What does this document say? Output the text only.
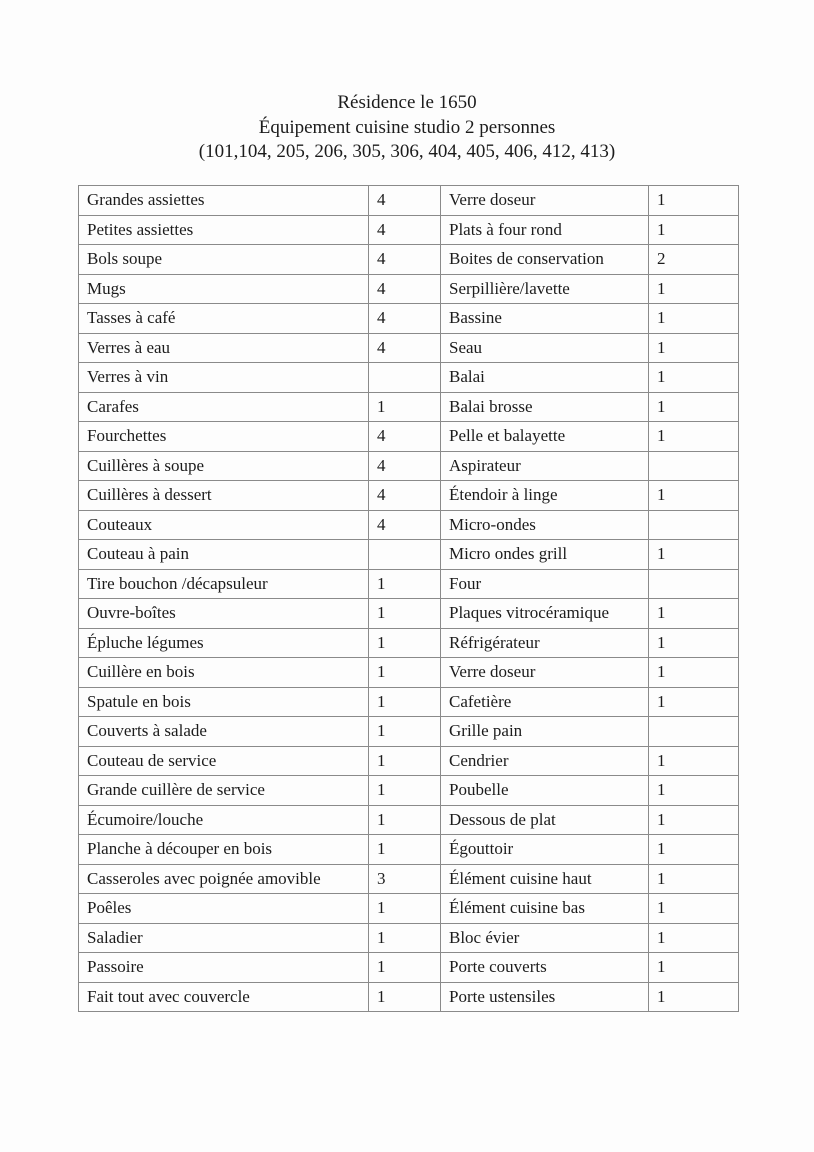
Résidence le 1650
Équipement cuisine studio 2 personnes
(101,104, 205, 206, 305, 306, 404, 405, 406, 412, 413)
Grandes assiettes	4	Verre doseur	1
Petites assiettes	4	Plats à four rond	1
Bols soupe	4	Boites de conservation	2
Mugs	4	Serpillière/lavette	1
Tasses à café	4	Bassine	1
Verres à eau	4	Seau	1
Verres à vin		Balai	1
Carafes	1	Balai brosse	1
Fourchettes	4	Pelle et balayette	1
Cuillères à soupe	4	Aspirateur	
Cuillères à dessert	4	Étendoir à linge	1
Couteaux	4	Micro-ondes	
Couteau à pain		Micro ondes grill	1
Tire bouchon /décapsuleur	1	Four	
Ouvre-boîtes	1	Plaques vitrocéramique	1
Épluche légumes	1	Réfrigérateur	1
Cuillère en bois	1	Verre doseur	1
Spatule en bois	1	Cafetière	1
Couverts à salade	1	Grille pain	
Couteau de service	1	Cendrier	1
Grande cuillère de service	1	Poubelle	1
Écumoire/louche	1	Dessous de plat	1
Planche à découper en bois	1	Égouttoir	1
Casseroles avec poignée amovible	3	Élément cuisine haut	1
Poêles	1	Élément cuisine bas	1
Saladier	1	Bloc évier	1
Passoire	1	Porte couverts	1
Fait tout avec couvercle	1	Porte ustensiles	1
